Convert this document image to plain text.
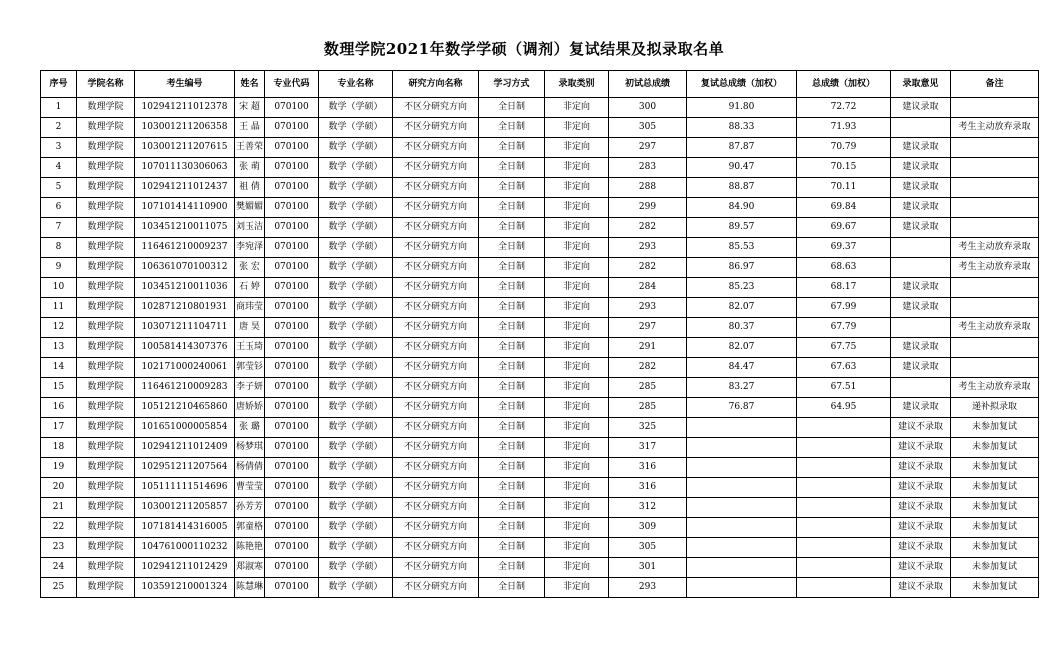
数理学院2021年数学学硕（调剂）复试结果及拟录取名单
序号	学院名称	考生编号	姓名	专业代码	专业名称	研究方向名称	学习方式	录取类别	初试总成绩	复试总成绩（加权）	总成绩（加权）	录取意见	备注
1	数理学院	102941211012378	宋 超	070100	数学（学硕）	不区分研究方向	全日制	非定向	300	91.80	72.72	建议录取	
2	数理学院	103001211206358	王 晶	070100	数学（学硕）	不区分研究方向	全日制	非定向	305	88.33	71.93		考生主动放弃录取
3	数理学院	103001211207615	王善荣	070100	数学（学硕）	不区分研究方向	全日制	非定向	297	87.87	70.79	建议录取	
4	数理学院	107011130306063	张 萌	070100	数学（学硕）	不区分研究方向	全日制	非定向	283	90.47	70.15	建议录取	
5	数理学院	102941211012437	祖 倩	070100	数学（学硕）	不区分研究方向	全日制	非定向	288	88.87	70.11	建议录取	
6	数理学院	107101414110900	樊媚媚	070100	数学（学硕）	不区分研究方向	全日制	非定向	299	84.90	69.84	建议录取	
7	数理学院	103451210011075	刘玉洁	070100	数学（学硕）	不区分研究方向	全日制	非定向	282	89.57	69.67	建议录取	
8	数理学院	116461210009237	李宛泽	070100	数学（学硕）	不区分研究方向	全日制	非定向	293	85.53	69.37		考生主动放弃录取
9	数理学院	106361070100312	张 宏	070100	数学（学硕）	不区分研究方向	全日制	非定向	282	86.97	68.63		考生主动放弃录取
10	数理学院	103451210011036	石 婷	070100	数学（学硕）	不区分研究方向	全日制	非定向	284	85.23	68.17	建议录取	
11	数理学院	102871210801931	商玮莹	070100	数学（学硕）	不区分研究方向	全日制	非定向	293	82.07	67.99	建议录取	
12	数理学院	103071211104711	唐 昊	070100	数学（学硕）	不区分研究方向	全日制	非定向	297	80.37	67.79		考生主动放弃录取
13	数理学院	100581414307376	王玉琦	070100	数学（学硕）	不区分研究方向	全日制	非定向	291	82.07	67.75	建议录取	
14	数理学院	102171000240061	郭莹钐	070100	数学（学硕）	不区分研究方向	全日制	非定向	282	84.47	67.63	建议录取	
15	数理学院	116461210009283	李子妍	070100	数学（学硕）	不区分研究方向	全日制	非定向	285	83.27	67.51		考生主动放弃录取
16	数理学院	105121210465860	唐娇娇	070100	数学（学硕）	不区分研究方向	全日制	非定向	285	76.87	64.95	建议录取	递补拟录取
17	数理学院	101651000005854	张 璐	070100	数学（学硕）	不区分研究方向	全日制	非定向	325			建议不录取	未参加复试
18	数理学院	102941211012409	杨梦琪	070100	数学（学硕）	不区分研究方向	全日制	非定向	317			建议不录取	未参加复试
19	数理学院	102951211207564	杨倩倩	070100	数学（学硕）	不区分研究方向	全日制	非定向	316			建议不录取	未参加复试
20	数理学院	105111111514696	曹莹莹	070100	数学（学硕）	不区分研究方向	全日制	非定向	316			建议不录取	未参加复试
21	数理学院	103001211205857	孙芳芳	070100	数学（学硕）	不区分研究方向	全日制	非定向	312			建议不录取	未参加复试
22	数理学院	107181414316005	郭童格	070100	数学（学硕）	不区分研究方向	全日制	非定向	309			建议不录取	未参加复试
23	数理学院	104761000110232	陈艳艳	070100	数学（学硕）	不区分研究方向	全日制	非定向	305			建议不录取	未参加复试
24	数理学院	102941211012429	郑淑寒	070100	数学（学硕）	不区分研究方向	全日制	非定向	301			建议不录取	未参加复试
25	数理学院	103591210001324	陈慧琳	070100	数学（学硕）	不区分研究方向	全日制	非定向	293			建议不录取	未参加复试
